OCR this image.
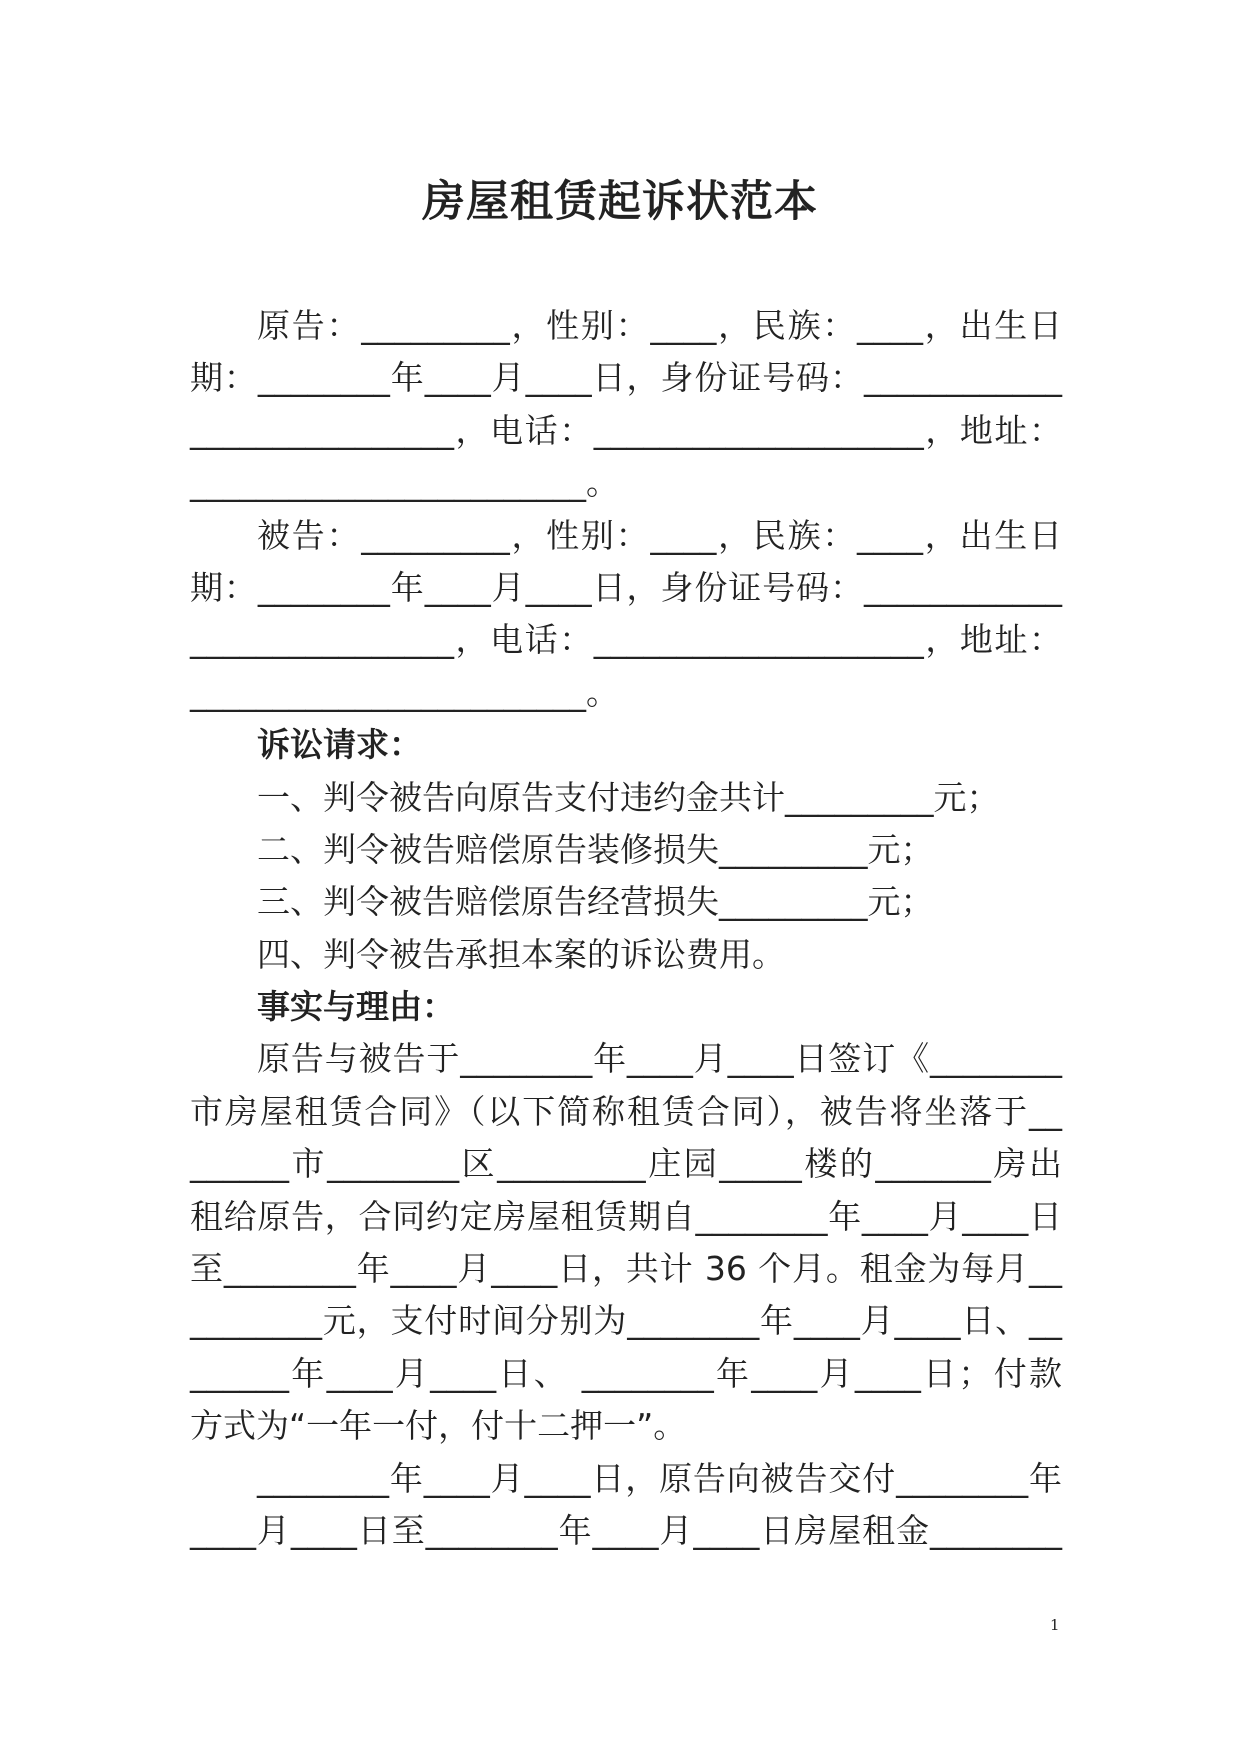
房屋租赁起诉状范本
原告：_________，性别：____，民族：____，出生日
期：________年____月____日，身份证号码：____________
________________，电话：____________________，地址：
________________________。
被告：_________，性别：____，民族：____，出生日
期：________年____月____日，身份证号码：____________
________________，电话：____________________，地址：
________________________。
诉讼请求：
一、判令被告向原告支付违约金共计_________元；
二、判令被告赔偿原告装修损失_________元；
三、判令被告赔偿原告经营损失_________元；
四、判令被告承担本案的诉讼费用。
事实与理由：
原告与被告于________年____月____日签订《________
市房屋租赁合同》（以下简称租赁合同），被告将坐落于__
______市________区_________庄园_____楼的_______房出
租给原告，合同约定房屋租赁期自________年____月____日
至________年____月____日，共计 36 个月。租金为每月__
________元，支付时间分别为________年____月____日、__
______年____月____日、 ________年____月____日；付款
方式为“一年一付，付十二押一”。
________年____月____日，原告向被告交付________年
____月____日至________年____月____日房屋租金________
1
